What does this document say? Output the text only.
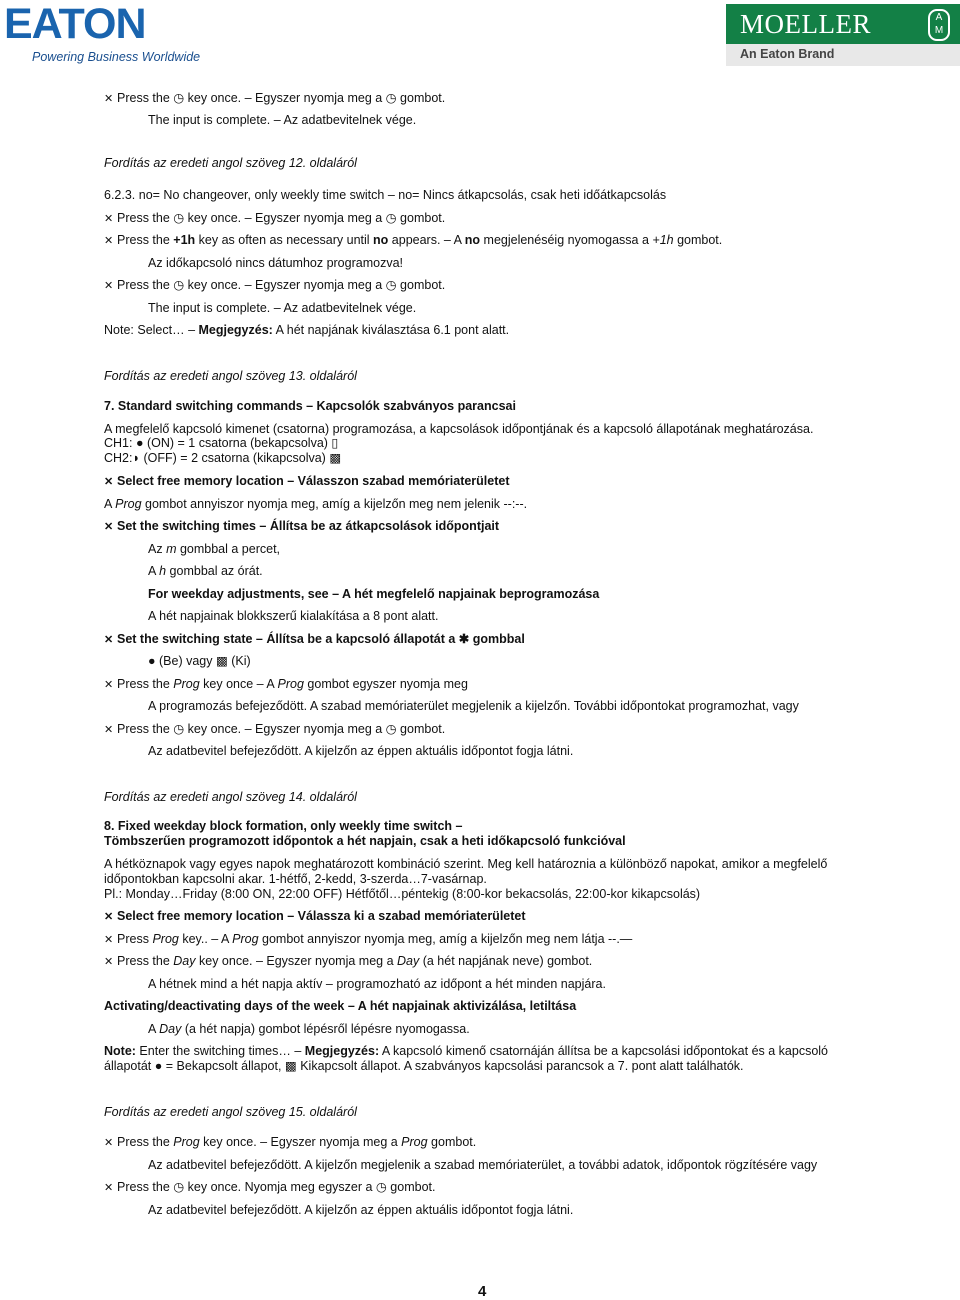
EATON
Powering Business Worldwide
MOELLER	A
M
An Eaton Brand
✕ Press the ◷ key once. – Egyszer nyomja meg a ◷ gombot.
The input is complete. – Az adatbevitelnek vége.
Fordítás az eredeti angol szöveg 12. oldaláról
6.2.3. no= No changeover, only weekly time switch – no= Nincs átkapcsolás, csak heti időátkapcsolás
✕ Press the ◷ key once. – Egyszer nyomja meg a ◷ gombot.
✕ Press the +1h key as often as necessary until no appears. – A no megjelenéséig nyomogassa a +1h gombot.
Az időkapcsoló nincs dátumhoz programozva!
✕ Press the ◷ key once. – Egyszer nyomja meg a ◷ gombot.
The input is complete. – Az adatbevitelnek vége.
Note: Select… – Megjegyzés: A hét napjának kiválasztása 6.1 pont alatt.
Fordítás az eredeti angol szöveg 13. oldaláról
7. Standard switching commands – Kapcsolók szabványos parancsai
A megfelelő kapcsoló kimenet (csatorna) programozása, a kapcsolások időpontjának és a kapcsoló állapotának meghatározása.
CH1: ● (ON) = 1 csatorna (bekapcsolva) ▯
CH2:◗ (OFF) = 2 csatorna (kikapcsolva) ▩
✕ Select free memory location – Válasszon szabad memóriaterületet
A Prog gombot annyiszor nyomja meg, amíg a kijelzőn meg nem jelenik --:--.
✕ Set the switching times – Állítsa be az átkapcsolások időpontjait
Az m gombbal a percet,
A h gombbal az órát.
For weekday adjustments, see – A hét megfelelő napjainak beprogramozása
A hét napjainak blokkszerű kialakítása a 8 pont alatt.
✕ Set the switching state – Állítsa be a kapcsoló állapotát a ✱ gombbal
● (Be) vagy ▩ (Ki)
✕ Press the Prog key once – A Prog gombot egyszer nyomja meg
A programozás befejeződött. A szabad memóriaterület megjelenik a kijelzőn. További időpontokat programozhat, vagy
✕ Press the ◷ key once. – Egyszer nyomja meg a ◷ gombot.
Az adatbevitel befejeződött. A kijelzőn az éppen aktuális időpontot fogja látni.
Fordítás az eredeti angol szöveg 14. oldaláról
8. Fixed weekday block formation, only weekly time switch –
Tömbszerűen programozott időpontok a hét napjain, csak a heti időkapcsoló funkcióval
A hétköznapok vagy egyes napok meghatározott kombináció szerint. Meg kell határoznia a különböző napokat, amikor a megfelelő időpontokban kapcsolni akar. 1-hétfő, 2-kedd, 3-szerda…7-vasárnap.
Pl.: Monday…Friday (8:00 ON, 22:00 OFF) Hétfőtől…péntekig (8:00-kor bekacsolás, 22:00-kor kikapcsolás)
✕ Select free memory location – Válassza ki a szabad memóriaterületet
✕ Press Prog key.. – A Prog gombot annyiszor nyomja meg, amíg a kijelzőn meg nem látja --.—
✕ Press the Day key once. – Egyszer nyomja meg a Day (a hét napjának neve) gombot.
A hétnek mind a hét napja aktív – programozható az időpont a hét minden napjára.
Activating/deactivating days of the week – A hét napjainak aktivizálása, letiltása
A Day (a hét napja) gombot lépésről lépésre nyomogassa.
Note: Enter the switching times… – Megjegyzés: A kapcsoló kimenő csatornáján állítsa be a kapcsolási időpontokat és a kapcsoló állapotát ● = Bekapcsolt állapot, ▩ Kikapcsolt állapot. A szabványos kapcsolási parancsok a 7. pont alatt találhatók.
Fordítás az eredeti angol szöveg 15. oldaláról
✕ Press the Prog key once. – Egyszer nyomja meg a Prog gombot.
Az adatbevitel befejeződött. A kijelzőn megjelenik a szabad memóriaterület, a további adatok, időpontok rögzítésére vagy
✕ Press the ◷ key once. Nyomja meg egyszer a ◷ gombot.
Az adatbevitel befejeződött. A kijelzőn az éppen aktuális időpontot fogja látni.
4
